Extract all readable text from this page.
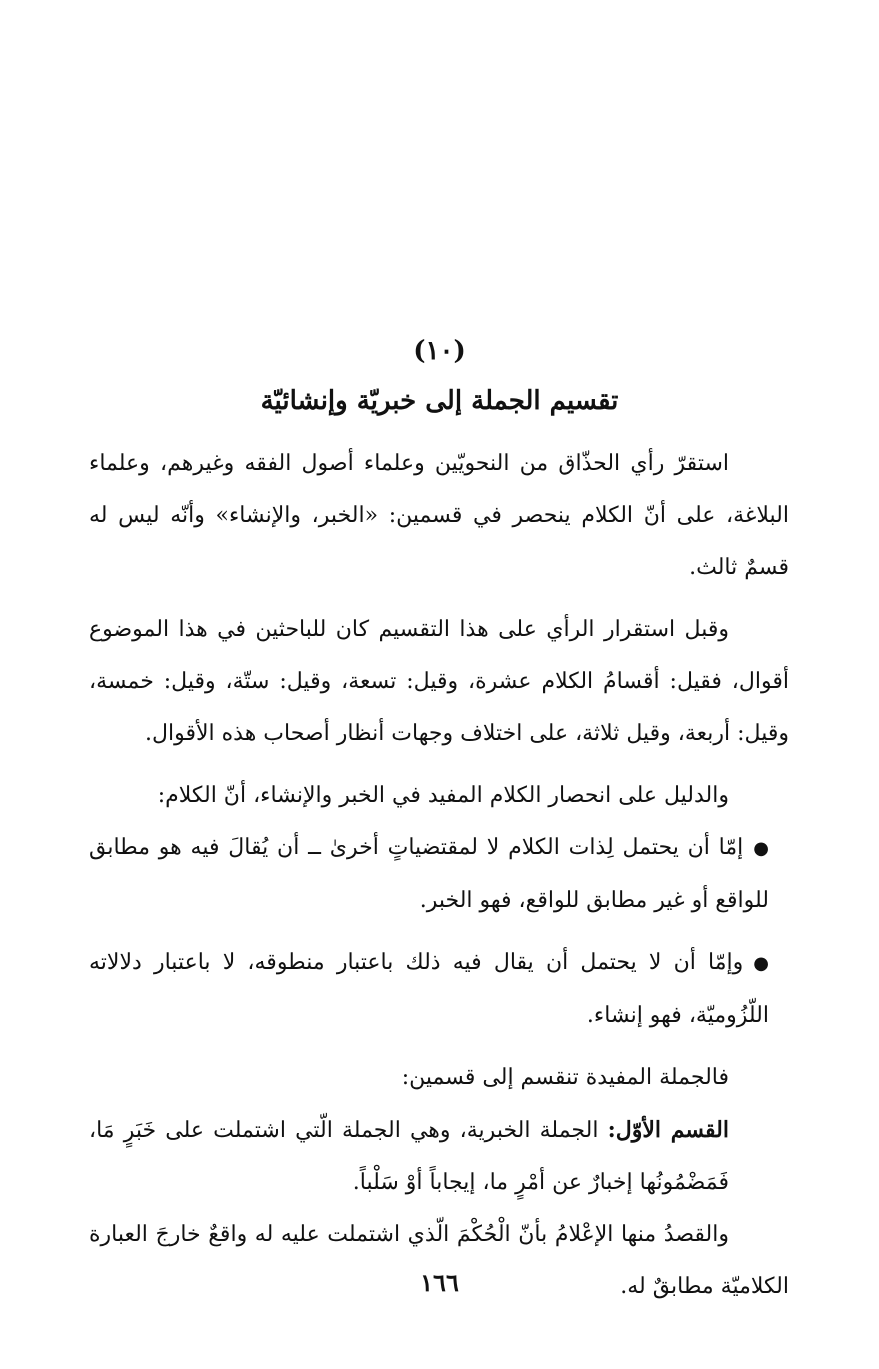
(١٠)
تقسيم الجملة إلى خبريّة وإنشائيّة

استقرّ رأي الحذّاق من النحويّين وعلماء أصول الفقه وغيرهم، وعلماء البلاغة، على أنّ الكلام ينحصر في قسمين: «الخبر، والإنشاء» وأنّه ليس له قسمٌ ثالث.

وقبل استقرار الرأي على هذا التقسيم كان للباحثين في هذا الموضوع أقوال، فقيل: أقسامُ الكلام عشرة، وقيل: تسعة، وقيل: ستّة، وقيل: خمسة، وقيل: أربعة، وقيل ثلاثة، على اختلاف وجهات أنظار أصحاب هذه الأقوال.

والدليل على انحصار الكلام المفيد في الخبر والإنشاء، أنّ الكلام:

●إمّا أن يحتمل لِذات الكلام لا لمقتضياتٍ أخرىٰ ــ أن يُقالَ فيه هو مطابق للواقع أو غير مطابق للواقع، فهو الخبر.

●وإمّا أن لا يحتمل أن يقال فيه ذلك باعتبار منطوقه، لا باعتبار دلالاته اللّزُوميّة، فهو إنشاء.

فالجملة المفيدة تنقسم إلى قسمين:

القسم الأوّل: الجملة الخبرية، وهي الجملة الّتي اشتملت على خَبَرٍ مَا، فَمَضْمُونُها إخبارٌ عن أمْرٍ ما، إيجاباً أوْ سَلْباً.

والقصدُ منها الإعْلامُ بأنّ الْحُكْمَ الّذي اشتملت عليه له واقعٌ خارجَ العبارة الكلاميّة مطابقٌ له.

١٦٦
